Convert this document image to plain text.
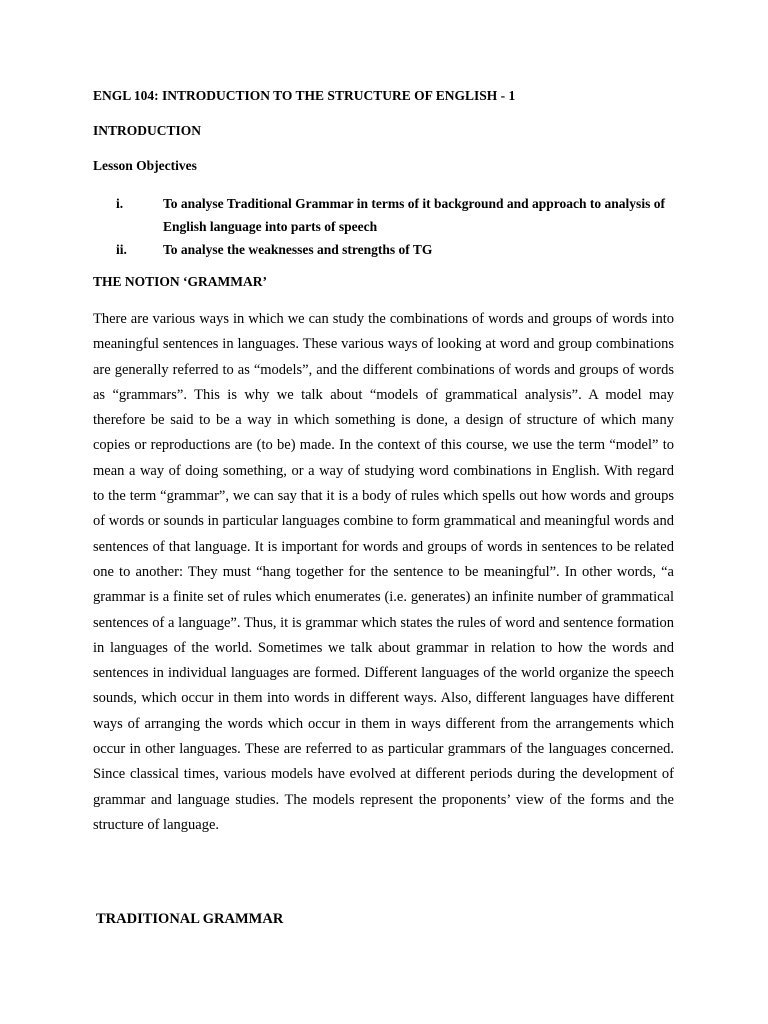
ENGL 104: INTRODUCTION TO THE STRUCTURE OF ENGLISH - 1
INTRODUCTION
Lesson Objectives
i.	To analyse Traditional Grammar in terms of it background and approach to analysis of English language into parts of speech
ii.	To analyse the weaknesses and strengths of TG
THE NOTION ‘GRAMMAR’

There are various ways in which we can study the combinations of words and groups of words into meaningful sentences in languages. These various ways of looking at word and group combinations are generally referred to as “models”, and the different combinations of words and groups of words as “grammars”. This is why we talk about “models of grammatical analysis”. A model may therefore be said to be a way in which something is done, a design of structure of which many copies or reproductions are (to be) made. In the context of this course, we use the term “model” to mean a way of doing something, or a way of studying word combinations in English. With regard to the term “grammar”, we can say that it is a body of rules which spells out how words and groups of words or sounds in particular languages combine to form grammatical and meaningful words and sentences of that language. It is important for words and groups of words in sentences to be related one to another: They must “hang together for the sentence to be meaningful”. In other words, “a grammar is a finite set of rules which enumerates (i.e. generates) an infinite number of grammatical sentences of a language”. Thus, it is grammar which states the rules of word and sentence formation in languages of the world. Sometimes we talk about grammar in relation to how the words and sentences in individual languages are formed. Different languages of the world organize the speech sounds, which occur in them into words in different ways. Also, different languages have different ways of arranging the words which occur in them in ways different from the arrangements which occur in other languages. These are referred to as particular grammars of the languages concerned. Since classical times, various models have evolved at different periods during the development of grammar and language studies. The models represent the proponents’ view of the forms and the structure of language.

TRADITIONAL GRAMMAR
